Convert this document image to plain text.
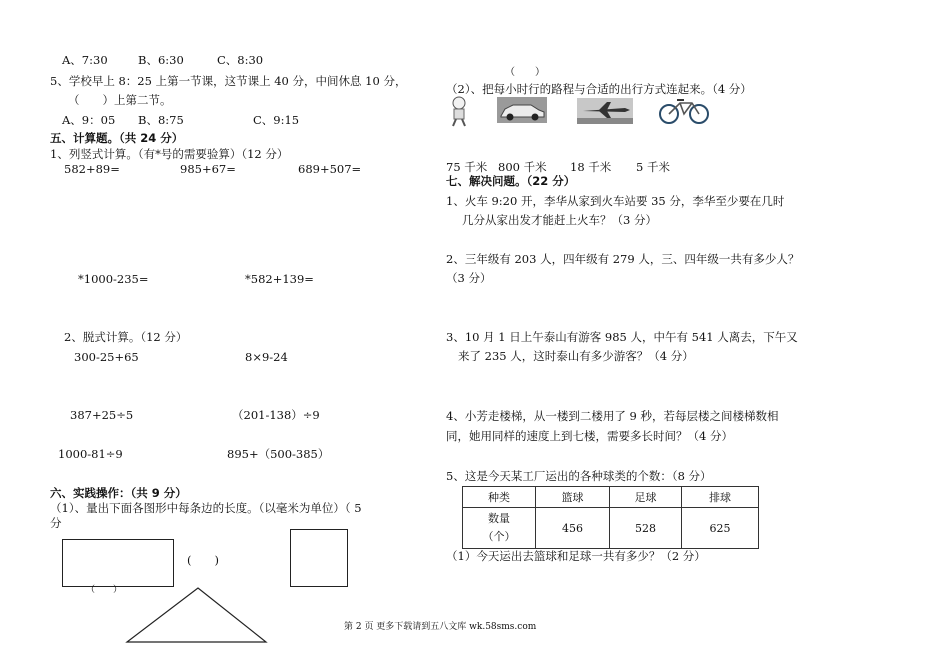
A、7:30	B、6:30	C、8:30
5、学校早上 8：25 上第一节课，这节课上 40 分，中间休息 10 分，
（　　）上第二节。
A、9：05 B、8:75	C、9:15
五、计算题。（共 24 分）
1、列竖式计算。（有*号的需要验算）（12 分）
582+89=	985+67=	689+507=
*1000-235=	*582+139=
2、脱式计算。（12 分）
300-25+65	8×9-24
387+25÷5	（201-138）÷9
1000-81÷9	895+（500-385）
六、实践操作：（共 9 分）
（1）、量出下面各图形中每条边的长度。（以毫米为单位）（ 5
分
(　　)
（　　）
（　　）
（2）、把每小时行的路程与合适的出行方式连起来。（4 分）
75 千米 800 千米 18 千米 5 千米
七、解决问题。（22 分）
1、火车 9:20 开，李华从家到火车站要 35 分，李华至少要在几时
几分从家出发才能赶上火车？（3 分）
2、三年级有 203 人，四年级有 279 人，三、四年级一共有多少人？
（3 分）
3、10 月 1 日上午泰山有游客 985 人，中午有 541 人离去，下午又
来了 235 人，这时泰山有多少游客？（4 分）
4、小芳走楼梯，从一楼到二楼用了 9 秒，若每层楼之间楼梯数相
同，她用同样的速度上到七楼，需要多长时间？（4 分）
5、这是今天某工厂运出的各种球类的个数：（8 分）
种类	篮球	足球	排球

数量
（个）	456	528	625
（1）今天运出去篮球和足球一共有多少？（2 分）
第 2 页 更多下载请到五八文库 wk.58sms.com
